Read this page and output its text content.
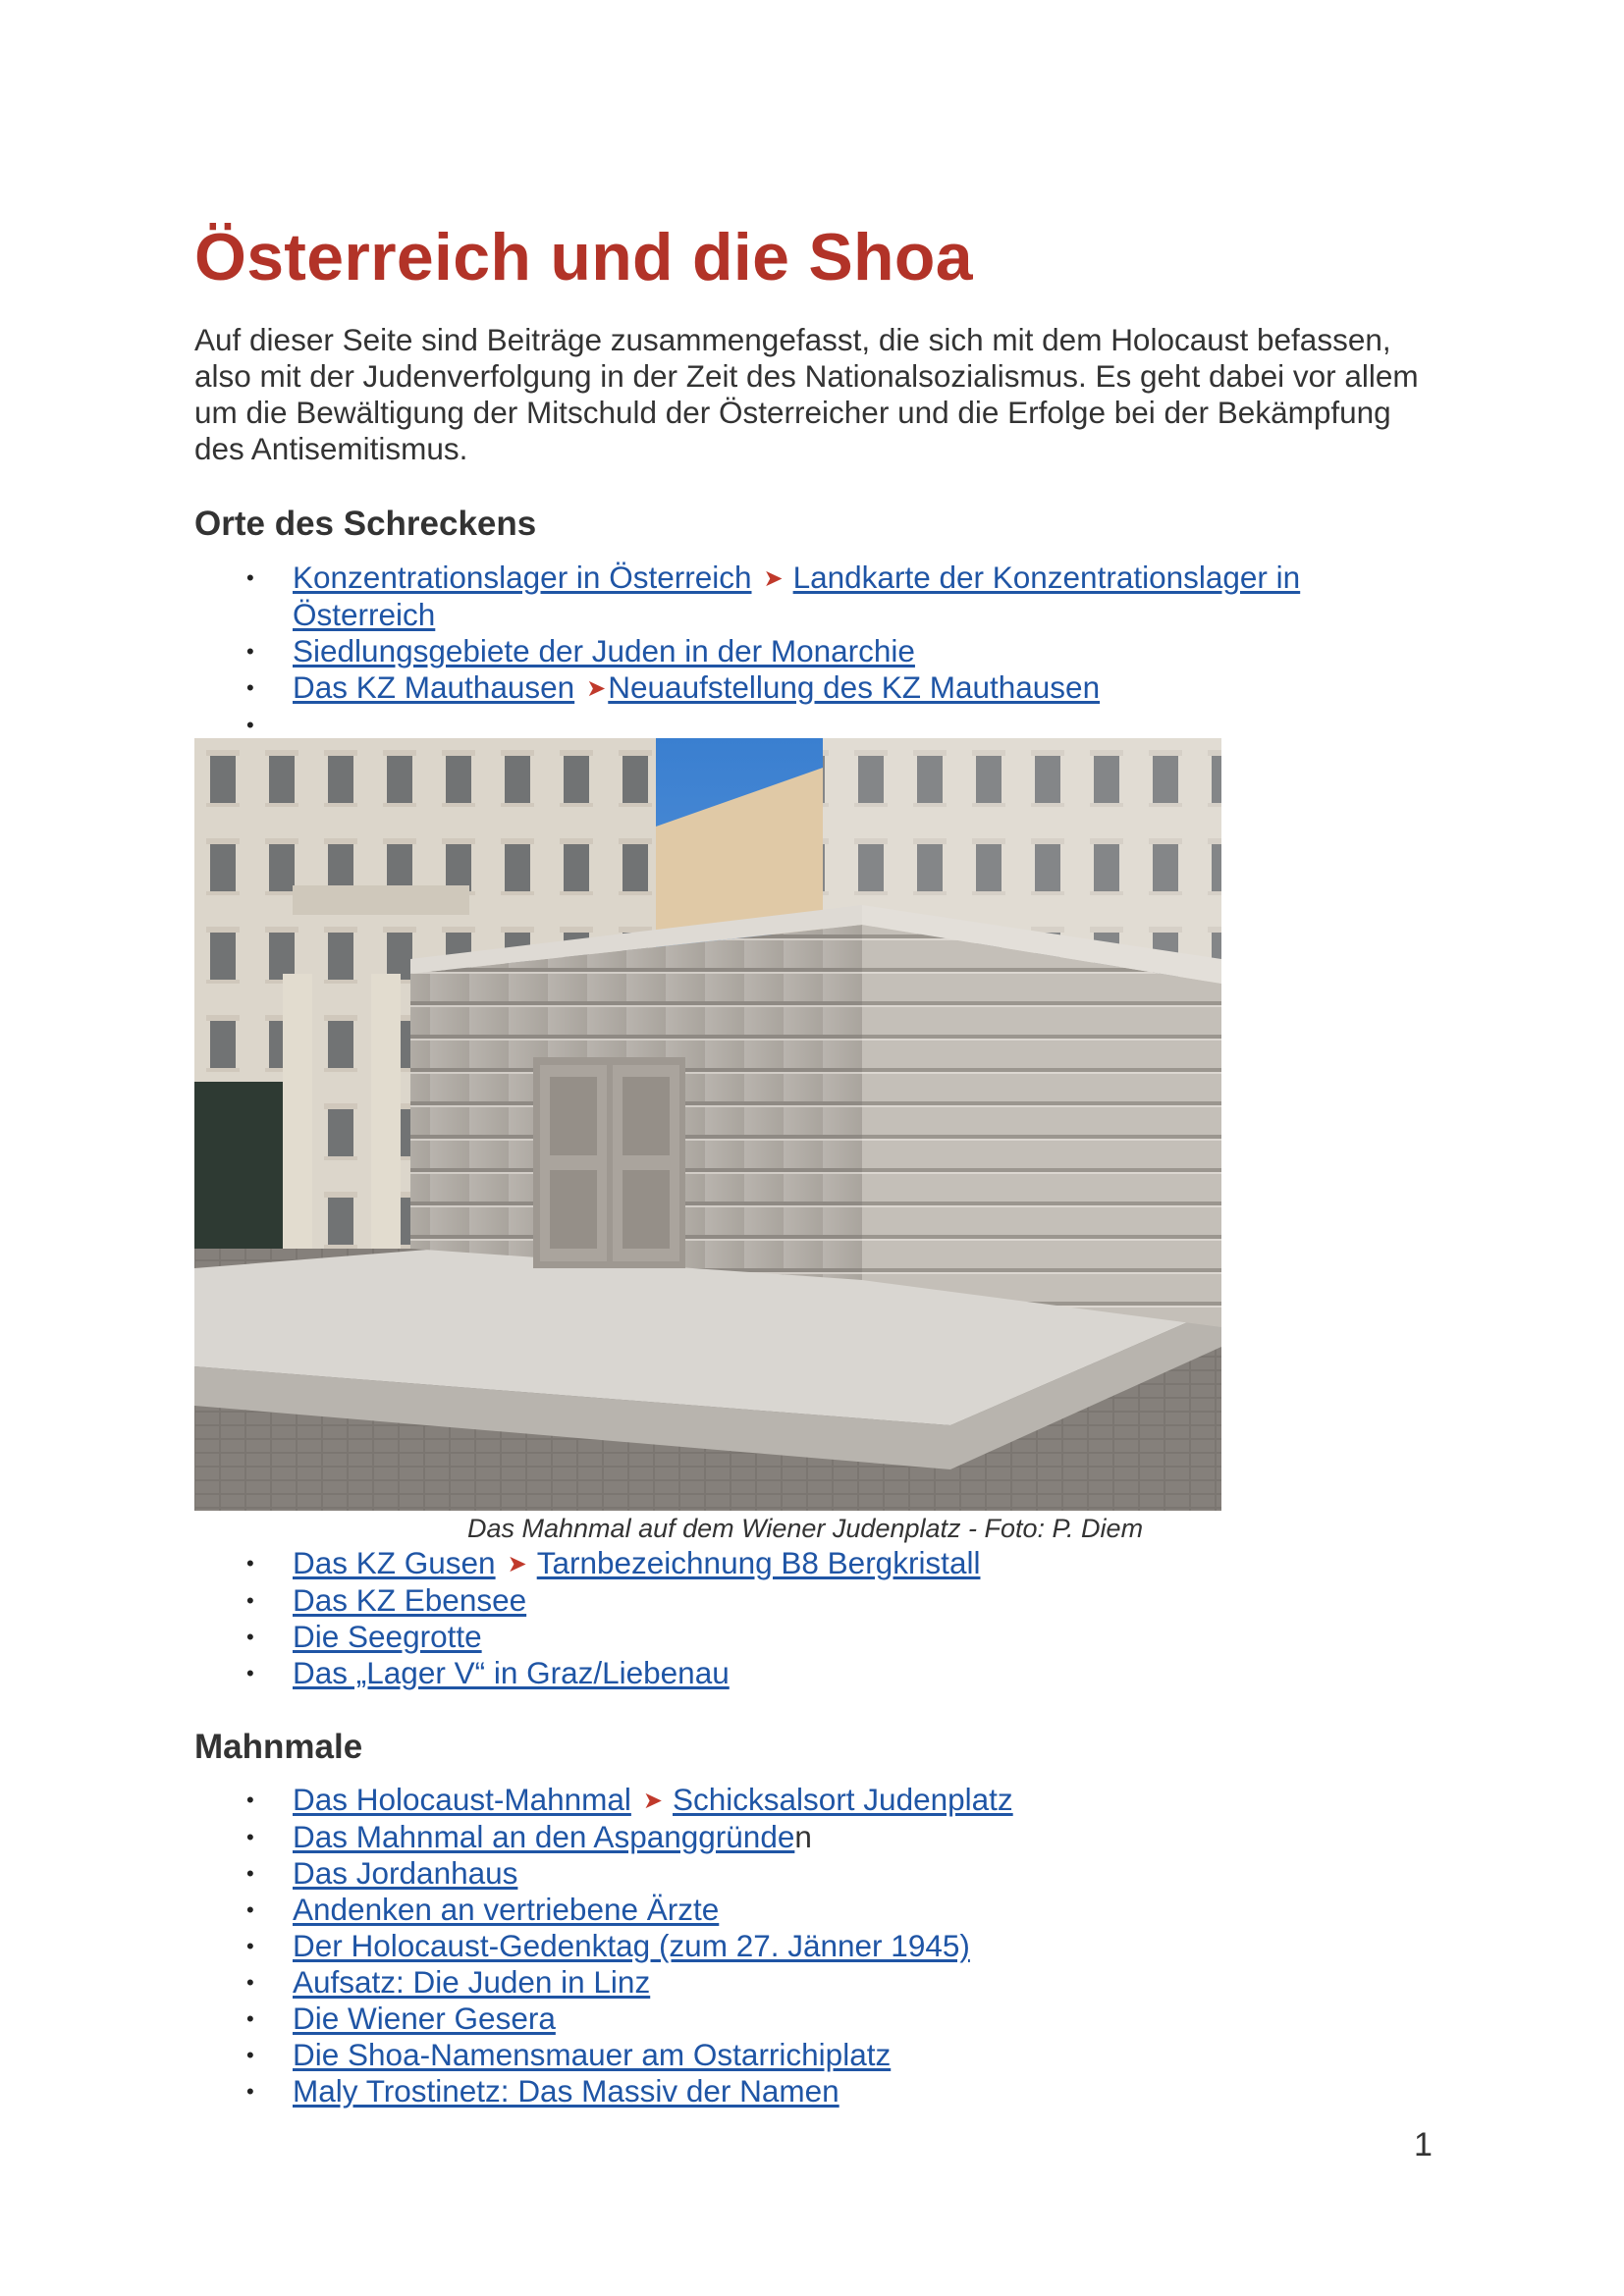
Österreich und die Shoa

Auf dieser Seite sind Beiträge zusammengefasst, die sich mit dem Holocaust befassen, also mit der Judenverfolgung in der Zeit des Nationalsozialismus. Es geht dabei vor allem um die Bewältigung der Mitschuld der Österreicher und die Erfolge bei der Bekämpfung des Antisemitismus.

Orte des Schreckens
• Konzentrationslager in Österreich ➤ Landkarte der Konzentrationslager in Österreich
• Siedlungsgebiete der Juden in der Monarchie
• Das KZ Mauthausen ➤Neuaufstellung des KZ Mauthausen
•
Das Mahnmal auf dem Wiener Judenplatz - Foto: P. Diem
• Das KZ Gusen ➤ Tarnbezeichnung B8 Bergkristall
• Das KZ Ebensee
• Die Seegrotte
• Das „Lager V“ in Graz/Liebenau
Mahnmale
• Das Holocaust-Mahnmal ➤ Schicksalsort Judenplatz
• Das Mahnmal an den Aspanggründen
• Das Jordanhaus
• Andenken an vertriebene Ärzte
• Der Holocaust-Gedenktag (zum 27. Jänner 1945)
• Aufsatz: Die Juden in Linz
• Die Wiener Gesera
• Die Shoa-Namensmauer am Ostarrichiplatz
• Maly Trostinetz: Das Massiv der Namen
1
